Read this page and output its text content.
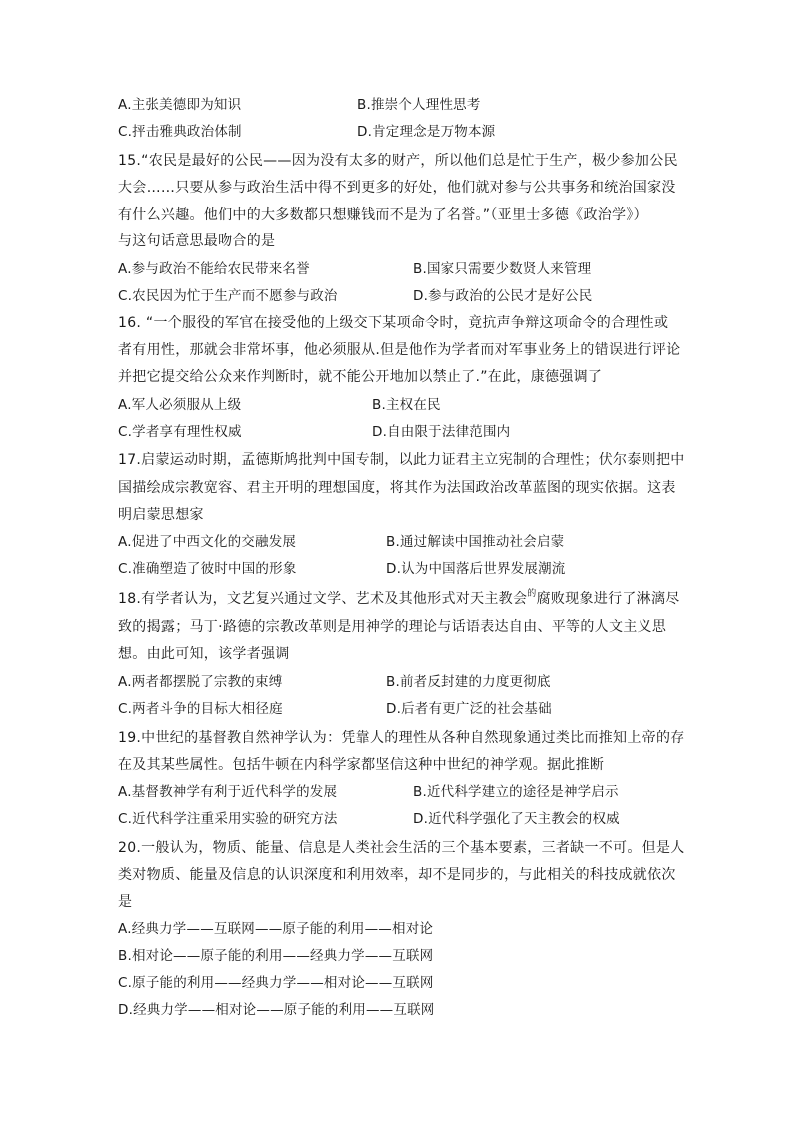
A.主张美德即为知识	B.推崇个人理性思考
C.抨击雅典政治体制	D.肯定理念是万物本源
15.“农民是最好的公民——因为没有太多的财产，所以他们总是忙于生产，极少参加公民
大会……只要从参与政治生活中得不到更多的好处，他们就对参与公共事务和统治国家没
有什么兴趣。他们中的大多数都只想赚钱而不是为了名誉。”（亚里士多德《政治学》）
与这句话意思最吻合的是
A.参与政治不能给农民带来名誉	B.国家只需要少数贤人来管理
C.农民因为忙于生产而不愿参与政治	D.参与政治的公民才是好公民
16. “一个服役的军官在接受他的上级交下某项命令时，竟抗声争辩这项命令的合理性或
者有用性，那就会非常坏事，他必须服从.但是他作为学者而对军事业务上的错误进行评论
并把它提交给公众来作判断时，就不能公开地加以禁止了.”在此，康德强调了
A.军人必须服从上级	B.主权在民
C.学者享有理性权威	D.自由限于法律范围内
17.启蒙运动时期，孟德斯鸠批判中国专制，以此力证君主立宪制的合理性；伏尔泰则把中
国描绘成宗教宽容、君主开明的理想国度，将其作为法国政治改革蓝图的现实依据。这表
明启蒙思想家
A.促进了中西文化的交融发展	B.通过解读中国推动社会启蒙
C.准确塑造了彼时中国的形象	D.认为中国落后世界发展潮流
18.有学者认为，文艺复兴通过文学、艺术及其他形式对天主教会$^的$腐败现象进行了淋漓尽
致的揭露；马丁·路德的宗教改革则是用神学的理论与话语表达自由、平等的人文主义思
想。由此可知，该学者强调
A.两者都摆脱了宗教的束缚	B.前者反封建的力度更彻底
C.两者斗争的目标大相径庭	D.后者有更广泛的社会基础
19.中世纪的基督教自然神学认为：凭靠人的理性从各种自然现象通过类比而推知上帝的存
在及其某些属性。包括牛顿在内科学家都坚信这种中世纪的神学观。据此推断
A.基督教神学有利于近代科学的发展	B.近代科学建立的途径是神学启示
C.近代科学注重采用实验的研究方法	D.近代科学强化了天主教会的权威
20.一般认为，物质、能量、信息是人类社会生活的三个基本要素，三者缺一不可。但是人
类对物质、能量及信息的认识深度和利用效率，却不是同步的，与此相关的科技成就依次
是
A.经典力学——互联网——原子能的利用——相对论
B.相对论——原子能的利用——经典力学——互联网
C.原子能的利用——经典力学——相对论——互联网
D.经典力学——相对论——原子能的利用——互联网
